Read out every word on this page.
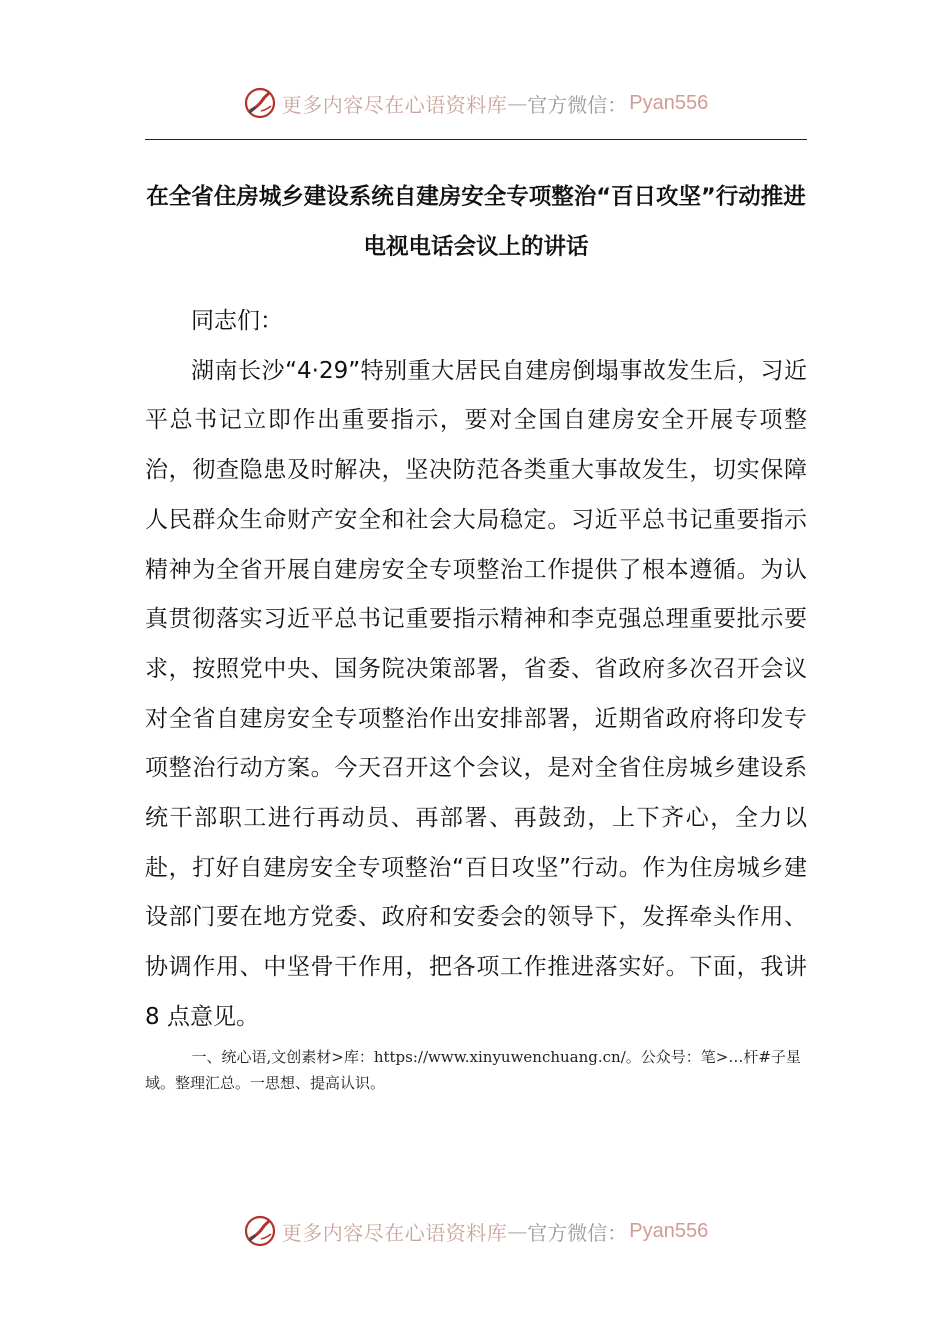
更多内容尽在心语资料库 — 官方微信： Pyan556
在全省住房城乡建设系统自建房安全专项整治“百日攻坚”行动推进电视电话会议上的讲话

同志们：

湖南长沙“4·29”特别重大居民自建房倒塌事故发生后，习近平总书记立即作出重要指示，要对全国自建房安全开展专项整治，彻查隐患及时解决，坚决防范各类重大事故发生，切实保障人民群众生命财产安全和社会大局稳定。习近平总书记重要指示精神为全省开展自建房安全专项整治工作提供了根本遵循。为认真贯彻落实习近平总书记重要指示精神和李克强总理重要批示要求，按照党中央、国务院决策部署，省委、省政府多次召开会议对全省自建房安全专项整治作出安排部署，近期省政府将印发专项整治行动方案。今天召开这个会议，是对全省住房城乡建设系统干部职工进行再动员、再部署、再鼓劲，上下齐心，全力以赴，打好自建房安全专项整治“百日攻坚”行动。作为住房城乡建设部门要在地方党委、政府和安委会的领导下，发挥牵头作用、协调作用、中坚骨干作用，把各项工作推进落实好。下面，我讲 8 点意见。

一、统心语,文创素材>库：https://www.xinyuwenchuang.cn/。公众号：笔>…杆#子星域。整理汇总。一思想、提高认识。
更多内容尽在心语资料库 — 官方微信： Pyan556
